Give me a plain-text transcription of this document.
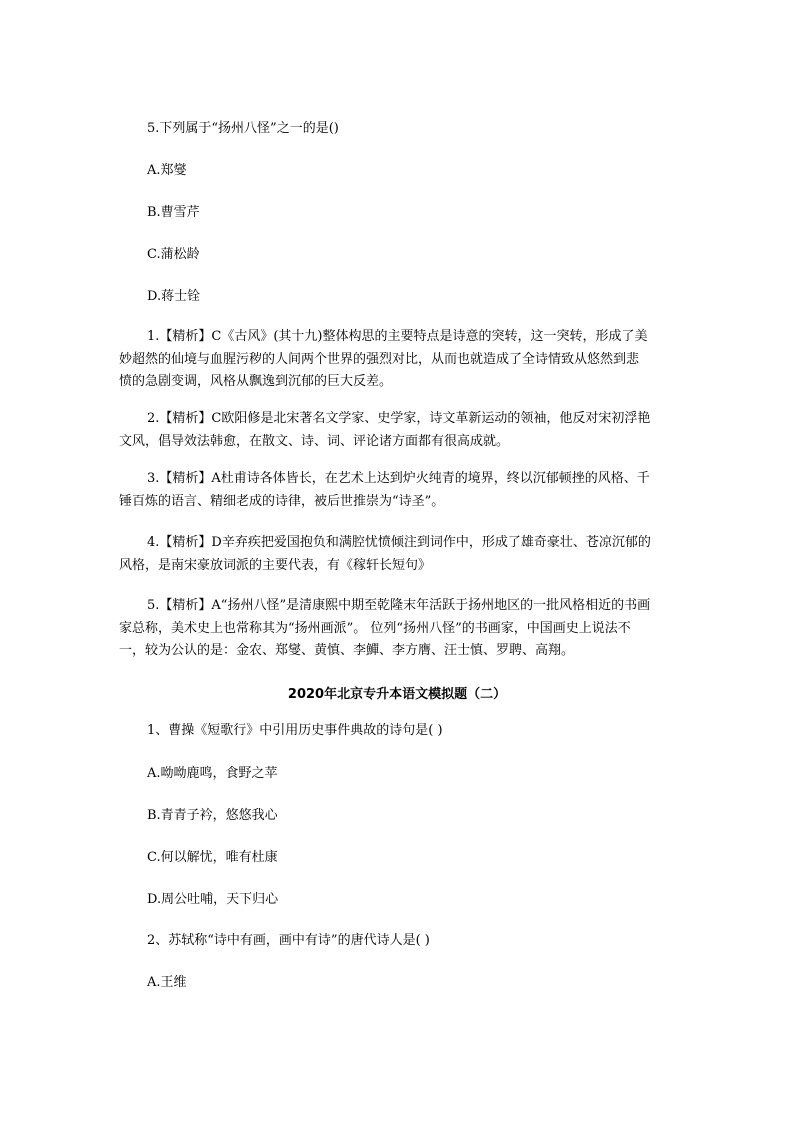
5.下列属于“扬州八怪”之一的是()
A.郑燮
B.曹雪芹
C.蒲松龄
D.蒋士铨
1.【精析】C《古风》(其十九)整体构思的主要特点是诗意的突转，这一突转，形成了美妙超然的仙境与血腥污秽的人间两个世界的强烈对比，从而也就造成了全诗情致从悠然到悲愤的急剧变调，风格从飘逸到沉郁的巨大反差。
2.【精析】C欧阳修是北宋著名文学家、史学家，诗文革新运动的领袖，他反对宋初浮艳文风，倡导效法韩愈，在散文、诗、词、评论诸方面都有很高成就。
3.【精析】A杜甫诗各体皆长，在艺术上达到炉火纯青的境界，终以沉郁顿挫的风格、千锤百炼的语言、精细老成的诗律，被后世推崇为“诗圣”。
4.【精析】D辛弃疾把爱国抱负和满腔忧愤倾注到词作中，形成了雄奇豪壮、苍凉沉郁的风格，是南宋豪放词派的主要代表，有《稼轩长短句》
5.【精析】A“扬州八怪”是清康熙中期至乾隆末年活跃于扬州地区的一批风格相近的书画家总称，美术史上也常称其为“扬州画派”。 位列“扬州八怪”的书画家，中国画史上说法不一，较为公认的是：金农、郑燮、黄慎、李鱓、李方膺、汪士慎、罗聘、高翔。
2020年北京专升本语文模拟题（二）
1、曹操《短歌行》中引用历史事件典故的诗句是( )
A.呦呦鹿鸣，食野之苹
B.青青子衿，悠悠我心
C.何以解忧，唯有杜康
D.周公吐哺，天下归心
2、苏轼称“诗中有画，画中有诗”的唐代诗人是( )
A.王维
